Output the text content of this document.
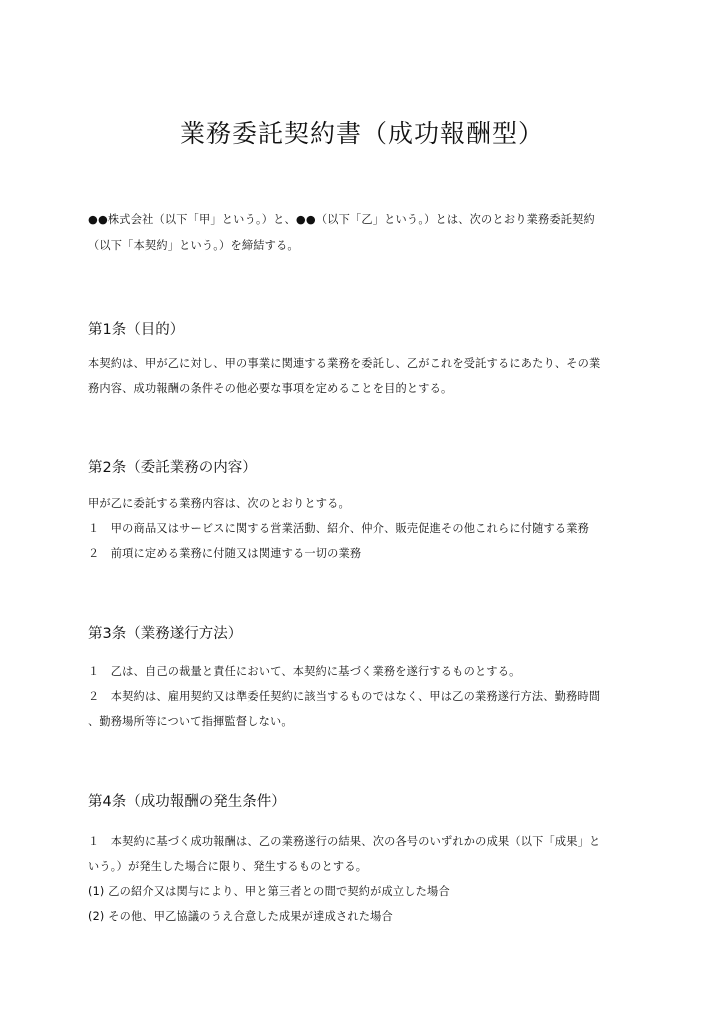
業務委託契約書（成功報酬型）
●●株式会社（以下「甲」という。）と、●●（以下「乙」という。）とは、次のとおり業務委託契約
（以下「本契約」という。）を締結する。
第1条（目的）
本契約は、甲が乙に対し、甲の事業に関連する業務を委託し、乙がこれを受託するにあたり、その業
務内容、成功報酬の条件その他必要な事項を定めることを目的とする。
第2条（委託業務の内容）
甲が乙に委託する業務内容は、次のとおりとする。
１　甲の商品又はサービスに関する営業活動、紹介、仲介、販売促進その他これらに付随する業務
２　前項に定める業務に付随又は関連する一切の業務
第3条（業務遂行方法）
１　乙は、自己の裁量と責任において、本契約に基づく業務を遂行するものとする。
２　本契約は、雇用契約又は準委任契約に該当するものではなく、甲は乙の業務遂行方法、勤務時間
、勤務場所等について指揮監督しない。
第4条（成功報酬の発生条件）
１　本契約に基づく成功報酬は、乙の業務遂行の結果、次の各号のいずれかの成果（以下「成果」と
いう。）が発生した場合に限り、発生するものとする。
(1) 乙の紹介又は関与により、甲と第三者との間で契約が成立した場合
(2) その他、甲乙協議のうえ合意した成果が達成された場合
